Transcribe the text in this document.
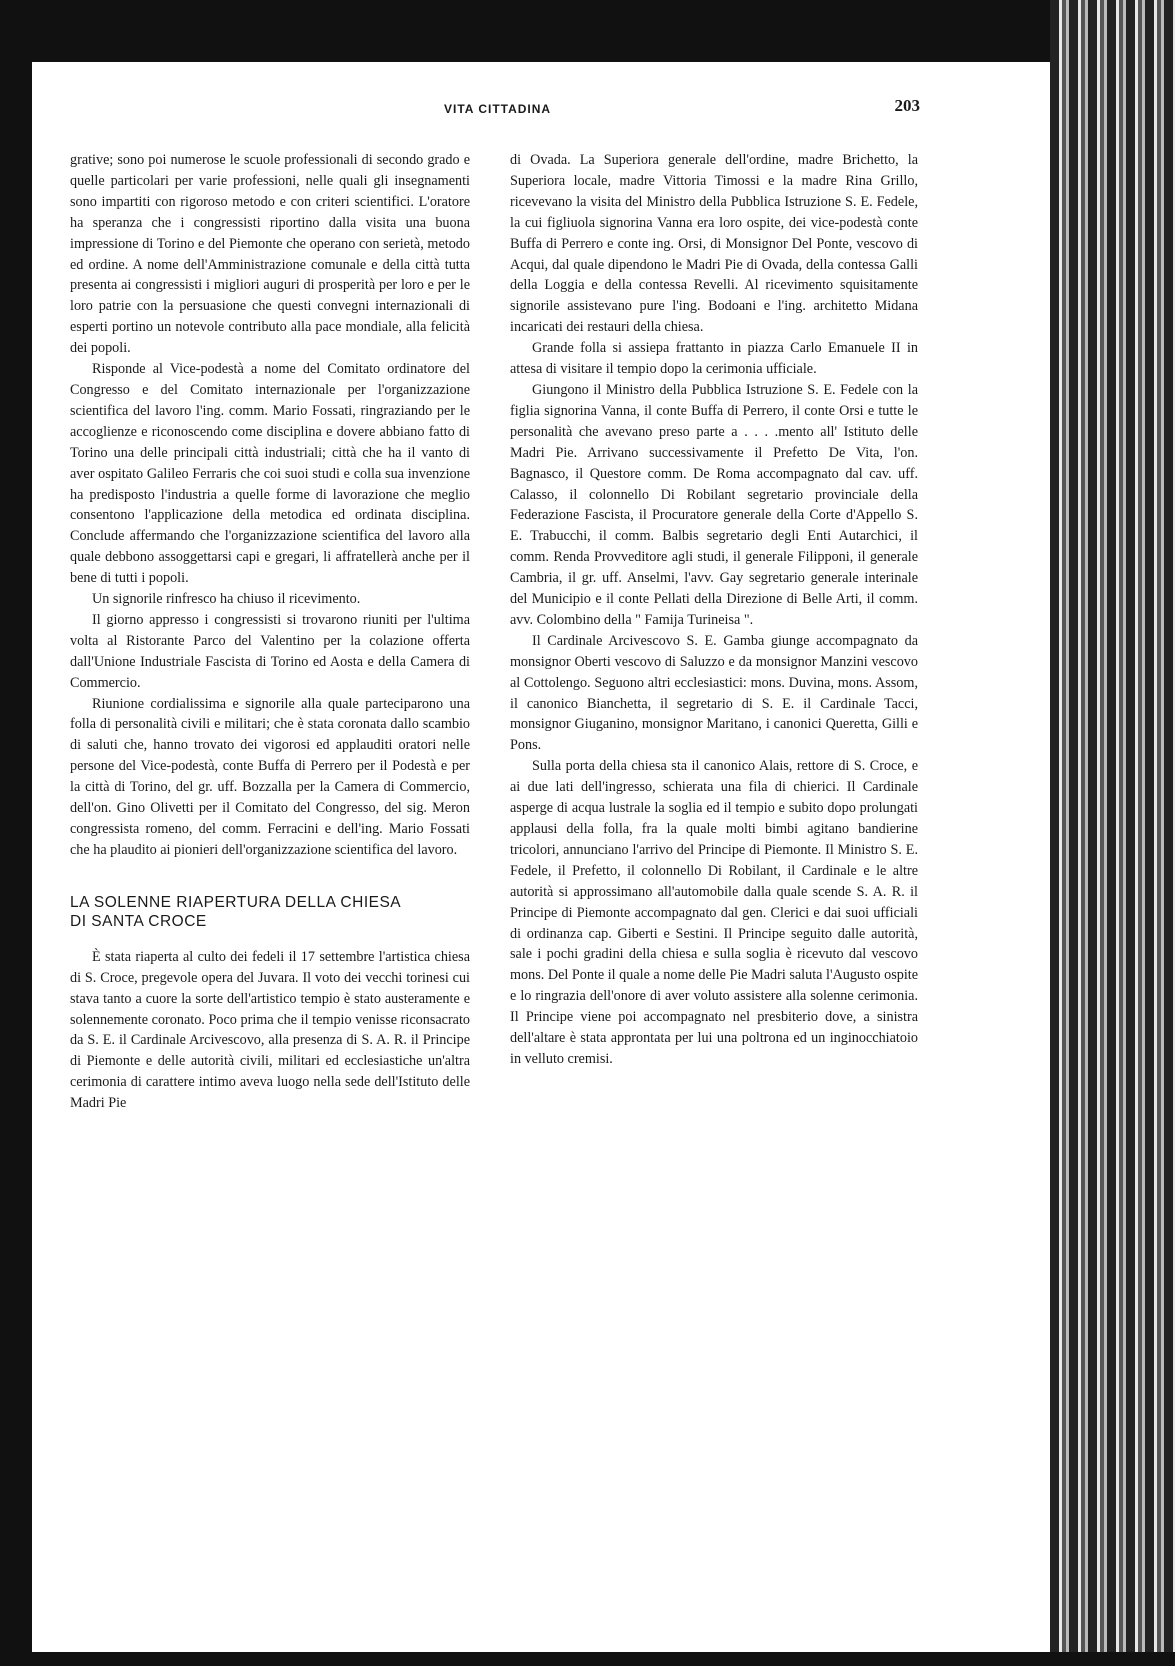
VITA CITTADINA	203

grative; sono poi numerose le scuole professionali di secondo grado e quelle particolari per varie professioni, nelle quali gli insegnamenti sono impartiti con rigoroso metodo e con criteri scientifici. L'oratore ha speranza che i congressisti riportino dalla visita una buona impressione di Torino e del Piemonte che operano con serietà, metodo ed ordine. A nome dell'Amministrazione comunale e della città tutta presenta ai congressisti i migliori auguri di prosperità per loro e per le loro patrie con la persuasione che questi convegni internazionali di esperti portino un notevole contributo alla pace mondiale, alla felicità dei popoli.

Risponde al Vice-podestà a nome del Comitato ordinatore del Congresso e del Comitato internazionale per l'organizzazione scientifica del lavoro l'ing. comm. Mario Fossati, ringraziando per le accoglienze e riconoscendo come disciplina e dovere abbiano fatto di Torino una delle principali città industriali; città che ha il vanto di aver ospitato Galileo Ferraris che coi suoi studi e colla sua invenzione ha predisposto l'industria a quelle forme di lavorazione che meglio consentono l'applicazione della metodica ed ordinata disciplina. Conclude affermando che l'organizzazione scientifica del lavoro alla quale debbono assoggettarsi capi e gregari, li affratellerà anche per il bene di tutti i popoli.

Un signorile rinfresco ha chiuso il ricevimento.

Il giorno appresso i congressisti si trovarono riuniti per l'ultima volta al Ristorante Parco del Valentino per la colazione offerta dall'Unione Industriale Fascista di Torino ed Aosta e della Camera di Commercio.

Riunione cordialissima e signorile alla quale parteciparono una folla di personalità civili e militari; che è stata coronata dallo scambio di saluti che, hanno trovato dei vigorosi ed applauditi oratori nelle persone del Vice-podestà, conte Buffa di Perrero per il Podestà e per la città di Torino, del gr. uff. Bozzalla per la Camera di Commercio, dell'on. Gino Olivetti per il Comitato del Congresso, del sig. Meron congressista romeno, del comm. Ferracini e dell'ing. Mario Fossati che ha plaudito ai pionieri dell'organizzazione scientifica del lavoro.

LA SOLENNE RIAPERTURA DELLA CHIESA
DI SANTA CROCE

È stata riaperta al culto dei fedeli il 17 settembre l'artistica chiesa di S. Croce, pregevole opera del Juvara. Il voto dei vecchi torinesi cui stava tanto a cuore la sorte dell'artistico tempio è stato austeramente e solennemente coronato. Poco prima che il tempio venisse riconsacrato da S. E. il Cardinale Arcivescovo, alla presenza di S. A. R. il Principe di Piemonte e delle autorità civili, militari ed ecclesiastiche un'altra cerimonia di carattere intimo aveva luogo nella sede dell'Istituto delle Madri Pie

di Ovada. La Superiora generale dell'ordine, madre Brichetto, la Superiora locale, madre Vittoria Timossi e la madre Rina Grillo, ricevevano la visita del Ministro della Pubblica Istruzione S. E. Fedele, la cui figliuola signorina Vanna era loro ospite, dei vice-podestà conte Buffa di Perrero e conte ing. Orsi, di Monsignor Del Ponte, vescovo di Acqui, dal quale dipendono le Madri Pie di Ovada, della contessa Galli della Loggia e della contessa Revelli. Al ricevimento squisitamente signorile assistevano pure l'ing. Bodoani e l'ing. architetto Midana incaricati dei restauri della chiesa.

Grande folla si assiepa frattanto in piazza Carlo Emanuele II in attesa di visitare il tempio dopo la cerimonia ufficiale.

Giungono il Ministro della Pubblica Istruzione S. E. Fedele con la figlia signorina Vanna, il conte Buffa di Perrero, il conte Orsi e tutte le personalità che avevano preso parte a . . . .mento all' Istituto delle Madri Pie. Arrivano successivamente il Prefetto De Vita, l'on. Bagnasco, il Questore comm. De Roma accompagnato dal cav. uff. Calasso, il colonnello Di Robilant segretario provinciale della Federazione Fascista, il Procuratore generale della Corte d'Appello S. E. Trabucchi, il comm. Balbis segretario degli Enti Autarchici, il comm. Renda Provveditore agli studi, il generale Filipponi, il generale Cambria, il gr. uff. Anselmi, l'avv. Gay segretario generale interinale del Municipio e il conte Pellati della Direzione di Belle Arti, il comm. avv. Colombino della " Famija Turineisa ".

Il Cardinale Arcivescovo S. E. Gamba giunge accompagnato da monsignor Oberti vescovo di Saluzzo e da monsignor Manzini vescovo al Cottolengo. Seguono altri ecclesiastici: mons. Duvina, mons. Assom, il canonico Bianchetta, il segretario di S. E. il Cardinale Tacci, monsignor Giuganino, monsignor Maritano, i canonici Queretta, Gilli e Pons.

Sulla porta della chiesa sta il canonico Alais, rettore di S. Croce, e ai due lati dell'ingresso, schierata una fila di chierici. Il Cardinale asperge di acqua lustrale la soglia ed il tempio e subito dopo prolungati applausi della folla, fra la quale molti bimbi agitano bandierine tricolori, annunciano l'arrivo del Principe di Piemonte. Il Ministro S. E. Fedele, il Prefetto, il colonnello Di Robilant, il Cardinale e le altre autorità si approssimano all'automobile dalla quale scende S. A. R. il Principe di Piemonte accompagnato dal gen. Clerici e dai suoi ufficiali di ordinanza cap. Giberti e Sestini. Il Principe seguito dalle autorità, sale i pochi gradini della chiesa e sulla soglia è ricevuto dal vescovo mons. Del Ponte il quale a nome delle Pie Madri saluta l'Augusto ospite e lo ringrazia dell'onore di aver voluto assistere alla solenne cerimonia. Il Principe viene poi accompagnato nel presbiterio dove, a sinistra dell'altare è stata approntata per lui una poltrona ed un inginocchiatoio in velluto cremisi.
